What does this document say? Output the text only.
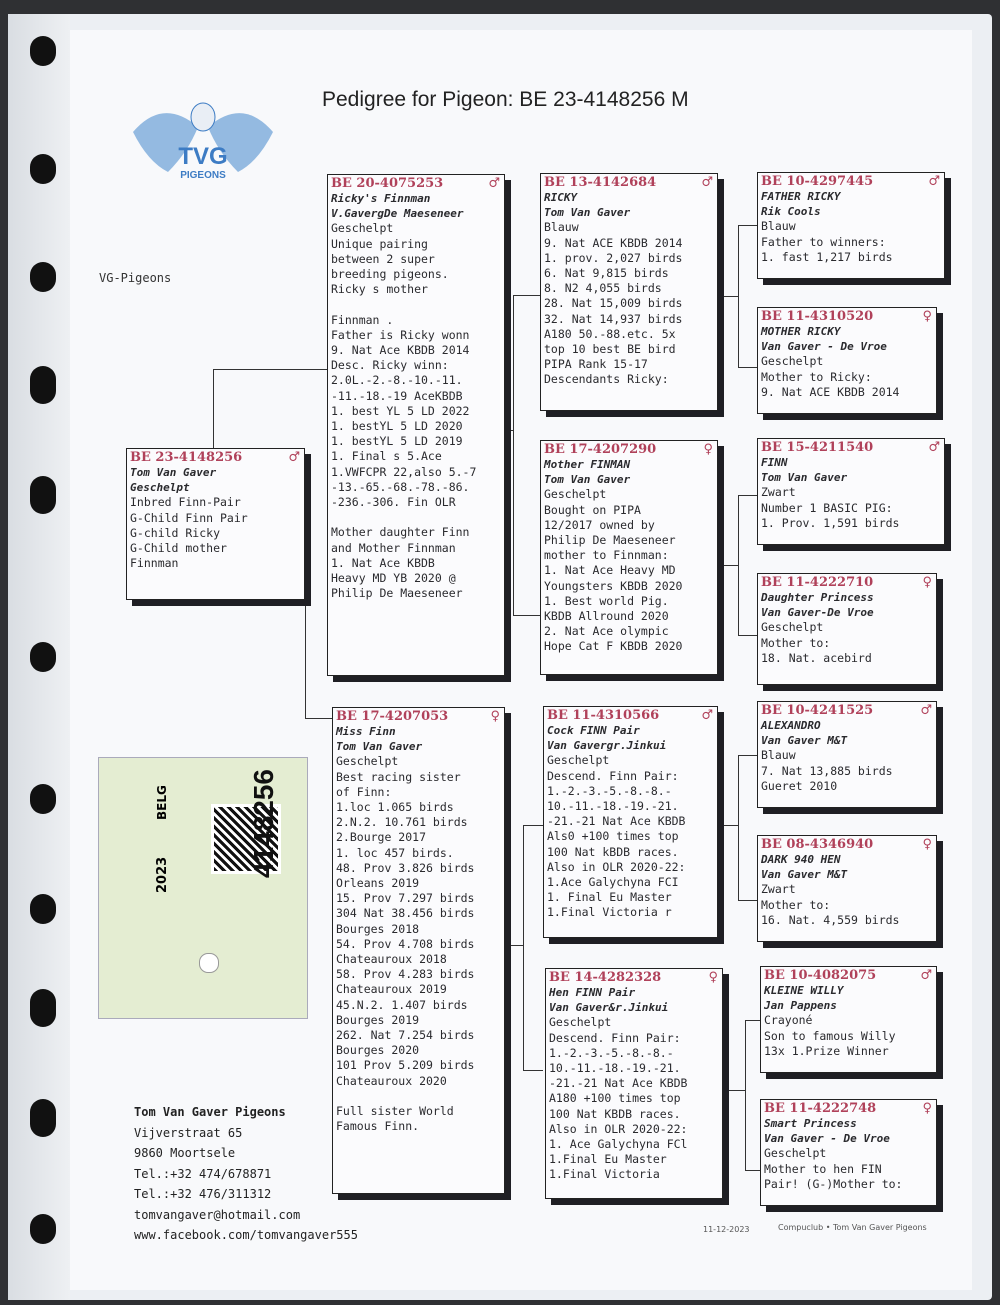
TVG
PIGEONS
Pedigree for Pigeon: BE 23-4148256 M
VG-Pigeons
BE 23-4148256	♂
Tom Van Gaver
Geschelpt
Inbred Finn-Pair
G-Child Finn Pair
G-child Ricky
G-Child mother
Finnman
BE 20-4075253	♂
Ricky's Finnman
V.GavergDe Maeseneer
Geschelpt
Unique pairing
between 2 super
breeding pigeons.
Ricky s mother

Finnman .
Father is Ricky wonn
9. Nat Ace KBDB 2014
Desc. Ricky winn:
2.0L.-2.-8.-10.-11.
-11.-18.-19 AceKBDB
1. best YL 5 LD 2022
1. bestYL 5 LD 2020
1. bestYL 5 LD 2019
1. Final s 5.Ace
1.VWFCPR 22,also 5.-7
-13.-65.-68.-78.-86.
-236.-306. Fin OLR

Mother daughter Finn
and Mother Finnman
1. Nat Ace KBDB
Heavy MD YB 2020 @
Philip De Maeseneer
BE 17-4207053	♀
Miss Finn
Tom Van Gaver
Geschelpt
Best racing sister
of Finn:
1.loc 1.065 birds
2.N.2. 10.761 birds
2.Bourge 2017
1. loc 457 birds.
48. Prov 3.826 birds
Orleans 2019
15. Prov 7.297 birds
304 Nat 38.456 birds
Bourges 2018
54. Prov 4.708 birds
Chateauroux 2018
58. Prov 4.283 birds
Chateauroux 2019
45.N.2. 1.407 birds
Bourges 2019
262. Nat 7.254 birds
Bourges 2020
101 Prov 5.209 birds
Chateauroux 2020

Full sister World
Famous Finn.
BE 13-4142684	♂
RICKY
Tom Van Gaver
Blauw
9. Nat ACE KBDB 2014
1. prov. 2,027 birds
6. Nat 9,815 birds
8. N2 4,055 birds
28. Nat 15,009 birds
32. Nat 14,937 birds
A180 50.-88.etc. 5x
top 10 best BE bird
PIPA Rank 15-17
Descendants Ricky:
BE 17-4207290	♀
Mother FINMAN
Tom Van Gaver
Geschelpt
Bought on PIPA
12/2017 owned by
Philip De Maeseneer
mother to Finnman:
1. Nat Ace Heavy MD
Youngsters KBDB 2020
1. Best world Pig.
KBDB Allround 2020
2. Nat Ace olympic
Hope Cat F KBDB 2020
BE 11-4310566	♂
Cock FINN Pair
Van Gavergr.Jinkui
Geschelpt
Descend. Finn Pair:
1.-2.-3.-5.-8.-8.-
10.-11.-18.-19.-21.
-21.-21 Nat Ace KBDB
Als0 +100 times top
100 Nat kBDB races.
Also in OLR 2020-22:
1.Ace Galychyna FCI
1. Final Eu Master
1.Final Victoria r
BE 14-4282328	♀
Hen FINN Pair
Van Gaver&r.Jinkui
Geschelpt
Descend. Finn Pair:
1.-2.-3.-5.-8.-8.-
10.-11.-18.-19.-21.
-21.-21 Nat Ace KBDB
A180 +100 times top
100 Nat KBDB races.
Also in OLR 2020-22:
1. Ace Galychyna FCl
1.Final Eu Master
1.Final Victoria
BE 10-4297445	♂
FATHER RICKY
Rik Cools
Blauw
Father to winners:
1. fast 1,217 birds
BE 11-4310520	♀
MOTHER RICKY
Van Gaver - De Vroe
Geschelpt
Mother to Ricky:
9. Nat ACE KBDB 2014
BE 15-4211540	♂
FINN
Tom Van Gaver
Zwart
Number 1 BASIC PIG:
1. Prov. 1,591 birds
BE 11-4222710	♀
Daughter Princess
Van Gaver-De Vroe
Geschelpt
Mother to:
18. Nat. acebird
BE 10-4241525	♂
ALEXANDRO
Van Gaver M&T
Blauw
7. Nat 13,885 birds
Gueret 2010
BE 08-4346940	♀
DARK 940 HEN
Van Gaver M&T
Zwart
Mother to:
16. Nat. 4,559 birds
BE 10-4082075	♂
KLEINE WILLY
Jan Pappens
Crayoné
Son to famous Willy
13x 1.Prize Winner
BE 11-4222748	♀
Smart Princess
Van Gaver - De Vroe
Geschelpt
Mother to hen FIN
Pair! (G-)Mother to:
Tom Van Gaver Pigeons
Vijverstraat 65
9860 Moortsele
Tel.:+32 474/678871
Tel.:+32 476/311312
tomvangaver@hotmail.com
www.facebook.com/tomvangaver555	11-12-2023	Compuclub • Tom Van Gaver Pigeons
BELG
2023	4148256
